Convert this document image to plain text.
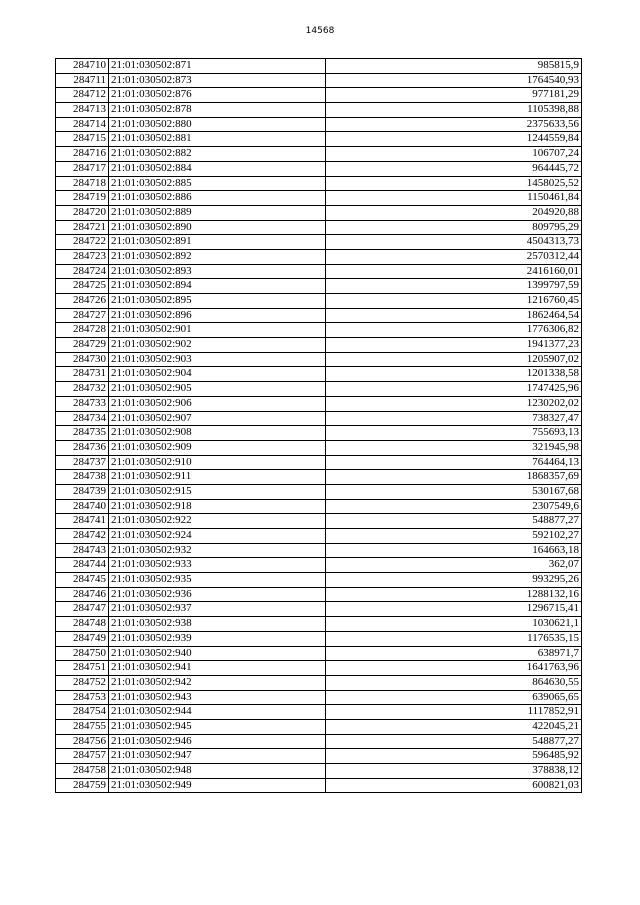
14568
284710	21:01:030502:871	985815,9
284711	21:01:030502:873	1764540,93
284712	21:01:030502:876	977181,29
284713	21:01:030502:878	1105398,88
284714	21:01:030502:880	2375633,56
284715	21:01:030502:881	1244559,84
284716	21:01:030502:882	106707,24
284717	21:01:030502:884	964445,72
284718	21:01:030502:885	1458025,52
284719	21:01:030502:886	1150461,84
284720	21:01:030502:889	204920,88
284721	21:01:030502:890	809795,29
284722	21:01:030502:891	4504313,73
284723	21:01:030502:892	2570312,44
284724	21:01:030502:893	2416160,01
284725	21:01:030502:894	1399797,59
284726	21:01:030502:895	1216760,45
284727	21:01:030502:896	1862464,54
284728	21:01:030502:901	1776306,82
284729	21:01:030502:902	1941377,23
284730	21:01:030502:903	1205907,02
284731	21:01:030502:904	1201338,58
284732	21:01:030502:905	1747425,96
284733	21:01:030502:906	1230202,02
284734	21:01:030502:907	738327,47
284735	21:01:030502:908	755693,13
284736	21:01:030502:909	321945,98
284737	21:01:030502:910	764464,13
284738	21:01:030502:911	1868357,69
284739	21:01:030502:915	530167,68
284740	21:01:030502:918	2307549,6
284741	21:01:030502:922	548877,27
284742	21:01:030502:924	592102,27
284743	21:01:030502:932	164663,18
284744	21:01:030502:933	362,07
284745	21:01:030502:935	993295,26
284746	21:01:030502:936	1288132,16
284747	21:01:030502:937	1296715,41
284748	21:01:030502:938	1030621,1
284749	21:01:030502:939	1176535,15
284750	21:01:030502:940	638971,7
284751	21:01:030502:941	1641763,96
284752	21:01:030502:942	864630,55
284753	21:01:030502:943	639065,65
284754	21:01:030502:944	1117852,91
284755	21:01:030502:945	422045,21
284756	21:01:030502:946	548877,27
284757	21:01:030502:947	596485,92
284758	21:01:030502:948	378838,12
284759	21:01:030502:949	600821,03
